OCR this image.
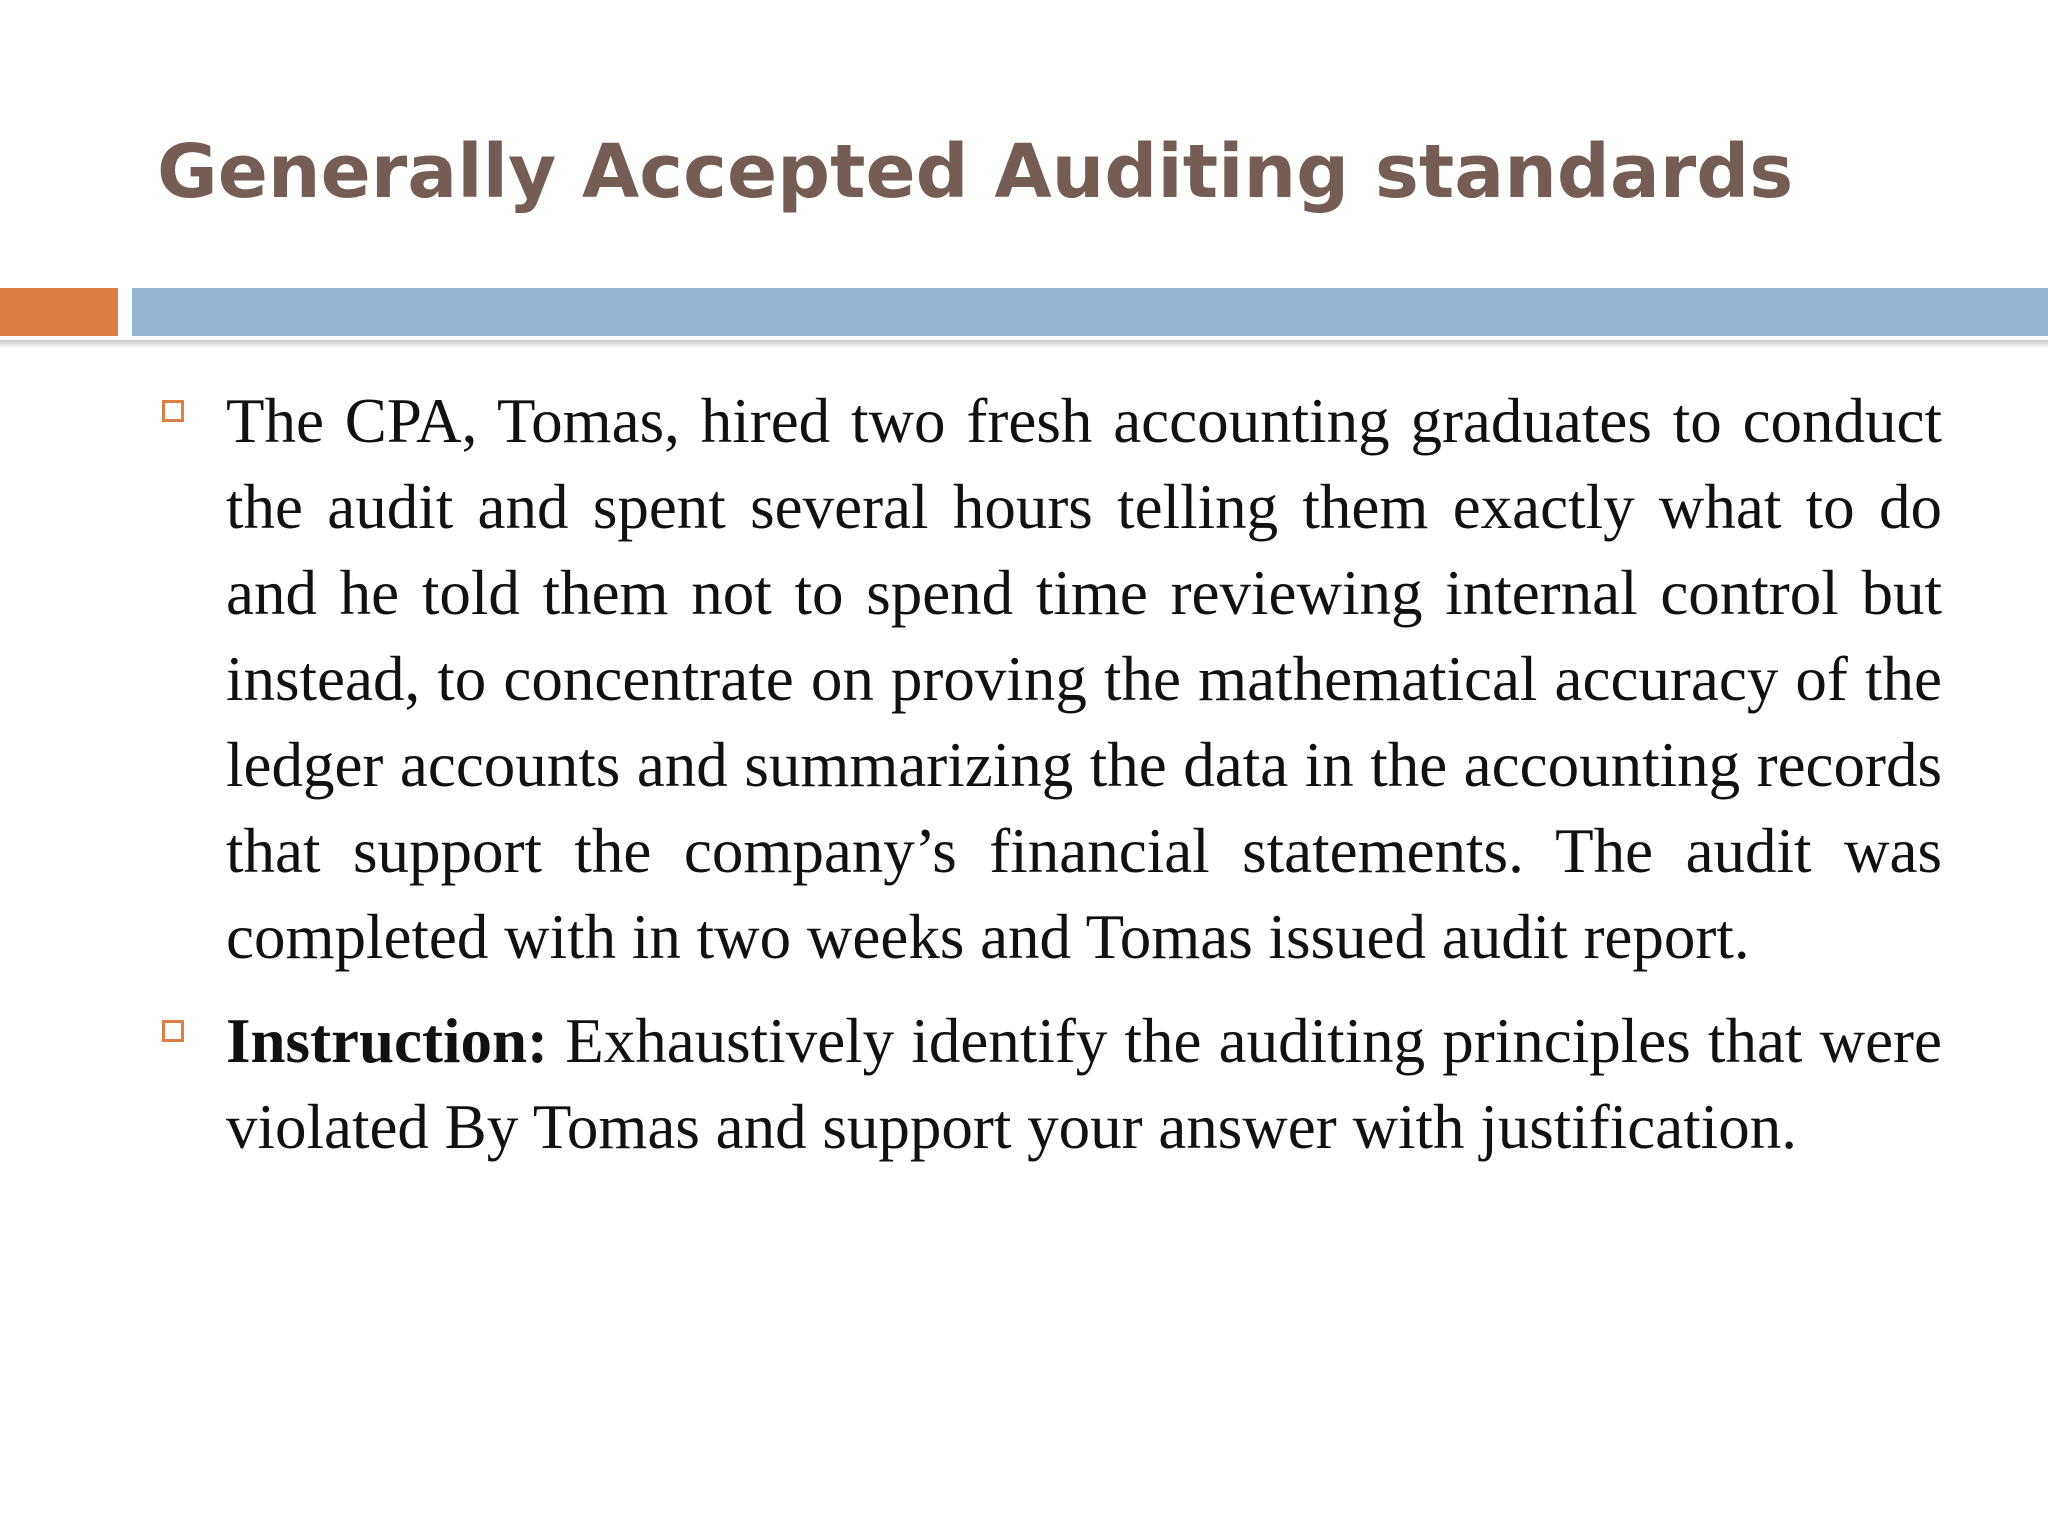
Generally Accepted Auditing standards
The CPA, Tomas, hired two fresh accounting graduates to conduct the audit and spent several hours telling them exactly what to do and he told them not to spend time reviewing internal control but instead, to concentrate on proving the mathematical accuracy of the ledger accounts and summarizing the data in the accounting records that support the company’s financial statements. The audit was completed with in two weeks and Tomas issued audit report.
Instruction: Exhaustively identify the auditing principles that were violated By Tomas and support your answer with justification.
